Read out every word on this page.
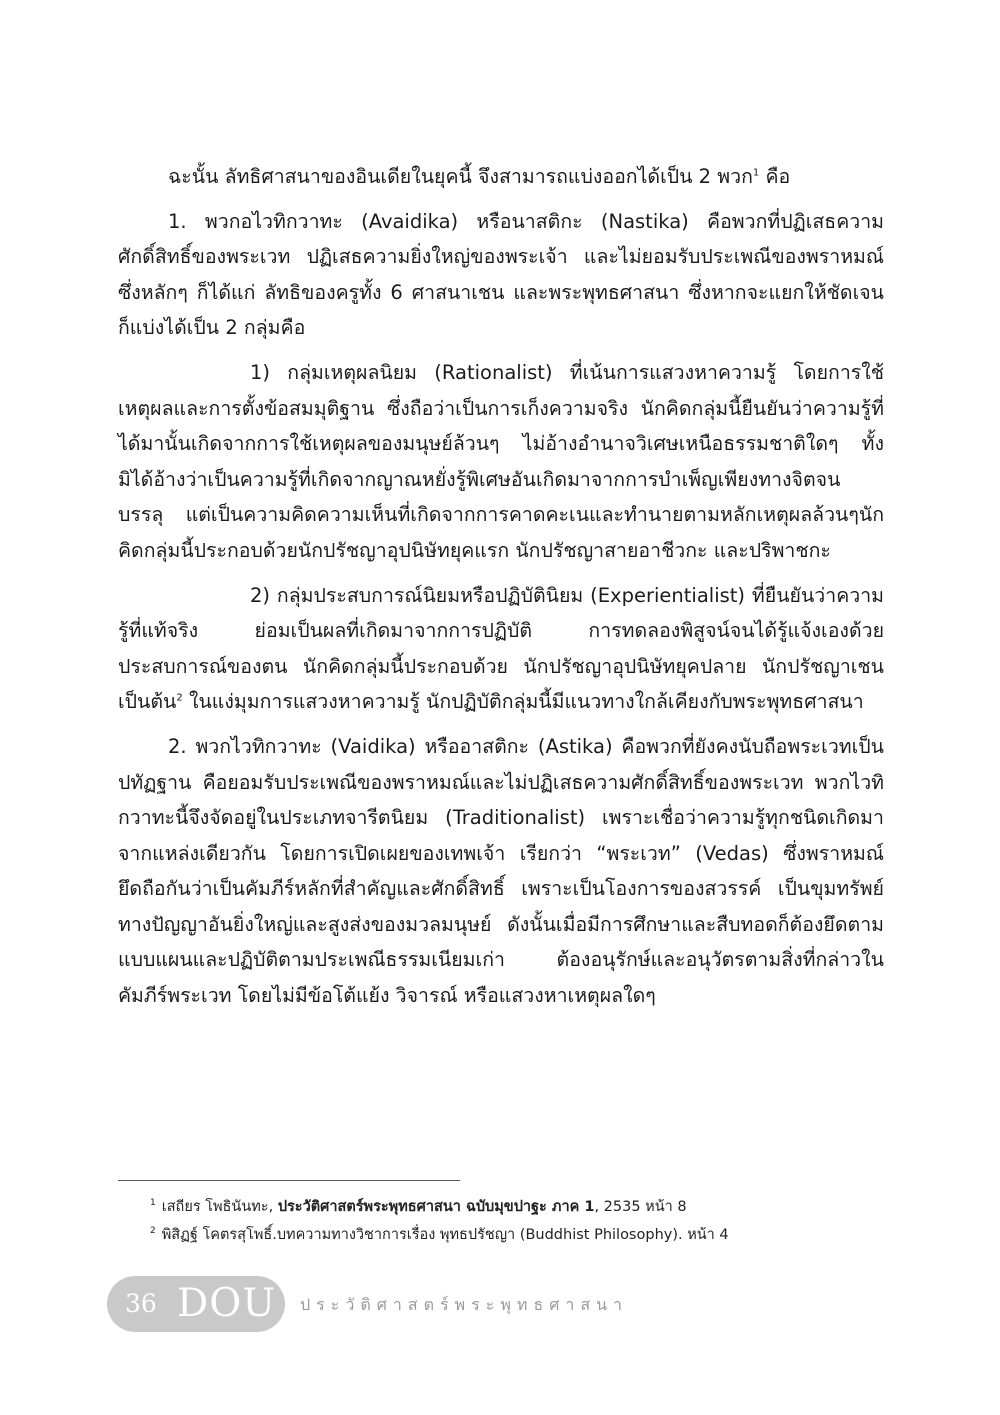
ฉะนั้น ลัทธิศาสนาของอินเดียในยุคนี้ จึงสามารถแบ่งออกได้เป็น 2 พวก$^1$ คือ

1. พวกอไวทิกวาทะ (Avaidika) หรือนาสติกะ (Nastika) คือพวกที่ปฏิเสธความศักดิ์สิทธิ์ของพระเวท ปฏิเสธความยิ่งใหญ่ของพระเจ้า และไม่ยอมรับประเพณีของพราหมณ์ ซึ่งหลักๆ ก็ได้แก่ ลัทธิของครูทั้ง 6 ศาสนาเชน และพระพุทธศาสนา ซึ่งหากจะแยกให้ชัดเจน ก็แบ่งได้เป็น 2 กลุ่มคือ

1) กลุ่มเหตุผลนิยม (Rationalist) ที่เน้นการแสวงหาความรู้ โดยการใช้เหตุผลและการตั้งข้อสมมุติฐาน ซึ่งถือว่าเป็นการเก็งความจริง นักคิดกลุ่มนี้ยืนยันว่าความรู้ที่ได้มานั้นเกิดจากการใช้เหตุผลของมนุษย์ล้วนๆ ไม่อ้างอำนาจวิเศษเหนือธรรมชาติใดๆ ทั้งมิได้อ้างว่าเป็นความรู้ที่เกิดจากญาณหยั่งรู้พิเศษอันเกิดมาจากการบำเพ็ญเพียงทางจิตจนบรรลุ แต่เป็นความคิดความเห็นที่เกิดจากการคาดคะเนและทำนายตามหลักเหตุผลล้วนๆนักคิดกลุ่มนี้ประกอบด้วยนักปรัชญาอุปนิษัทยุคแรก นักปรัชญาสายอาชีวกะ และปริพาชกะ

2) กลุ่มประสบการณ์นิยมหรือปฏิบัตินิยม (Experientialist) ที่ยืนยันว่าความรู้ที่แท้จริง ย่อมเป็นผลที่เกิดมาจากการปฏิบัติ การทดลองพิสูจน์จนได้รู้แจ้งเองด้วยประสบการณ์ของตน นักคิดกลุ่มนี้ประกอบด้วย นักปรัชญาอุปนิษัทยุคปลาย นักปรัชญาเชน เป็นต้น$^2$ ในแง่มุมการแสวงหาความรู้ นักปฏิบัติกลุ่มนี้มีแนวทางใกล้เคียงกับพระพุทธศาสนา

2. พวกไวทิกวาทะ (Vaidika) หรืออาสติกะ (Astika) คือพวกที่ยังคงนับถือพระเวทเป็นปทัฏฐาน คือยอมรับประเพณีของพราหมณ์และไม่ปฏิเสธความศักดิ์สิทธิ์ของพระเวท พวกไวทิกวาทะนี้จึงจัดอยู่ในประเภทจารีตนิยม (Traditionalist) เพราะเชื่อว่าความรู้ทุกชนิดเกิดมาจากแหล่งเดียวกัน โดยการเปิดเผยของเทพเจ้า เรียกว่า “พระเวท” (Vedas) ซึ่งพราหมณ์ยึดถือกันว่าเป็นคัมภีร์หลักที่สำคัญและศักดิ์สิทธิ์ เพราะเป็นโองการของสวรรค์ เป็นขุมทรัพย์ทางปัญญาอันยิ่งใหญ่และสูงส่งของมวลมนุษย์ ดังนั้นเมื่อมีการศึกษาและสืบทอดก็ต้องยึดตามแบบแผนและปฏิบัติตามประเพณีธรรมเนียมเก่า ต้องอนุรักษ์และอนุวัตรตามสิ่งที่กล่าวในคัมภีร์พระเวท โดยไม่มีข้อโต้แย้ง วิจารณ์ หรือแสวงหาเหตุผลใดๆ

$^1$ เสถียร โพธินันทะ, ประวัติศาสตร์พระพุทธศาสนา ฉบับมุขปาฐะ ภาค 1, 2535 หน้า 8

$^2$ พิสิฏฐ์ โคตรสุโพธิ์.บทความทางวิชาการเรื่อง พุทธปรัชญา (Buddhist Philosophy). หน้า 4

36 DOU ประวัติศาสตร์พระพุทธศาสนา
